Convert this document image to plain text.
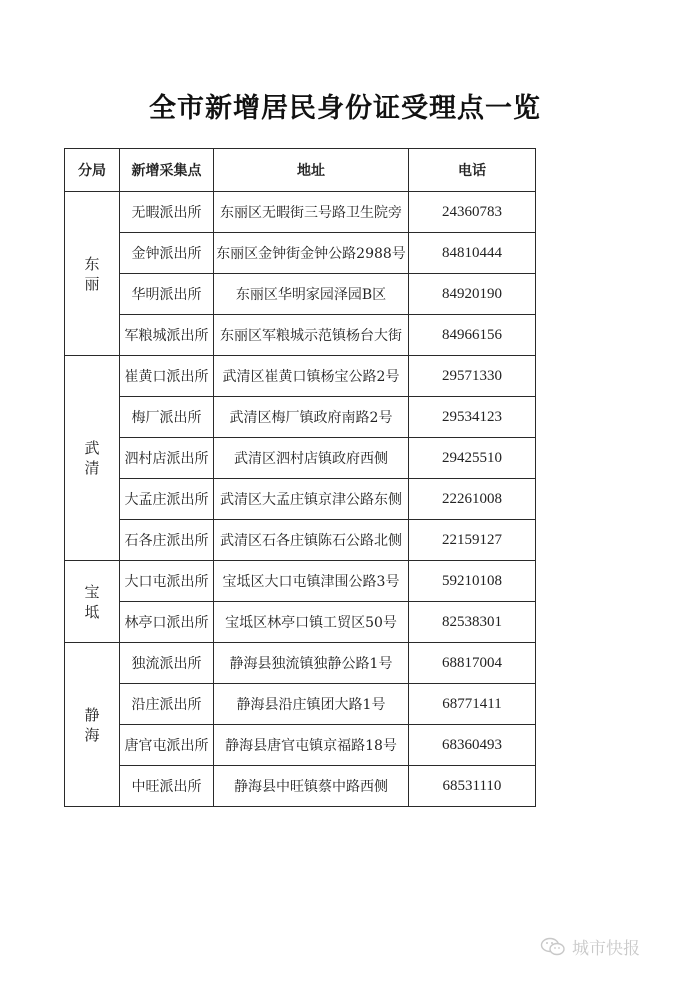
全市新增居民身份证受理点一览
分局	新增采集点	地址	电话

东
丽	无暇派出所	东丽区无暇街三号路卫生院旁	24360783
	金钟派出所	东丽区金钟街金钟公路2988号	84810444
	华明派出所	东丽区华明家园泽园B区	84920190
	军粮城派出所	东丽区军粮城示范镇杨台大街	84966156

武
清	崔黄口派出所	武清区崔黄口镇杨宝公路2号	29571330
	梅厂派出所	武清区梅厂镇政府南路2号	29534123
	泗村店派出所	武清区泗村店镇政府西侧	29425510
	大孟庄派出所	武清区大孟庄镇京津公路东侧	22261008
	石各庄派出所	武清区石各庄镇陈石公路北侧	22159127

宝
坻	大口屯派出所	宝坻区大口屯镇津围公路3号	59210108
	林亭口派出所	宝坻区林亭口镇工贸区50号	82538301

静
海	独流派出所	静海县独流镇独静公路1号	68817004
	沿庄派出所	静海县沿庄镇团大路1号	68771411
	唐官屯派出所	静海县唐官屯镇京福路18号	68360493
	中旺派出所	静海县中旺镇蔡中路西侧	68531110
城市快报
